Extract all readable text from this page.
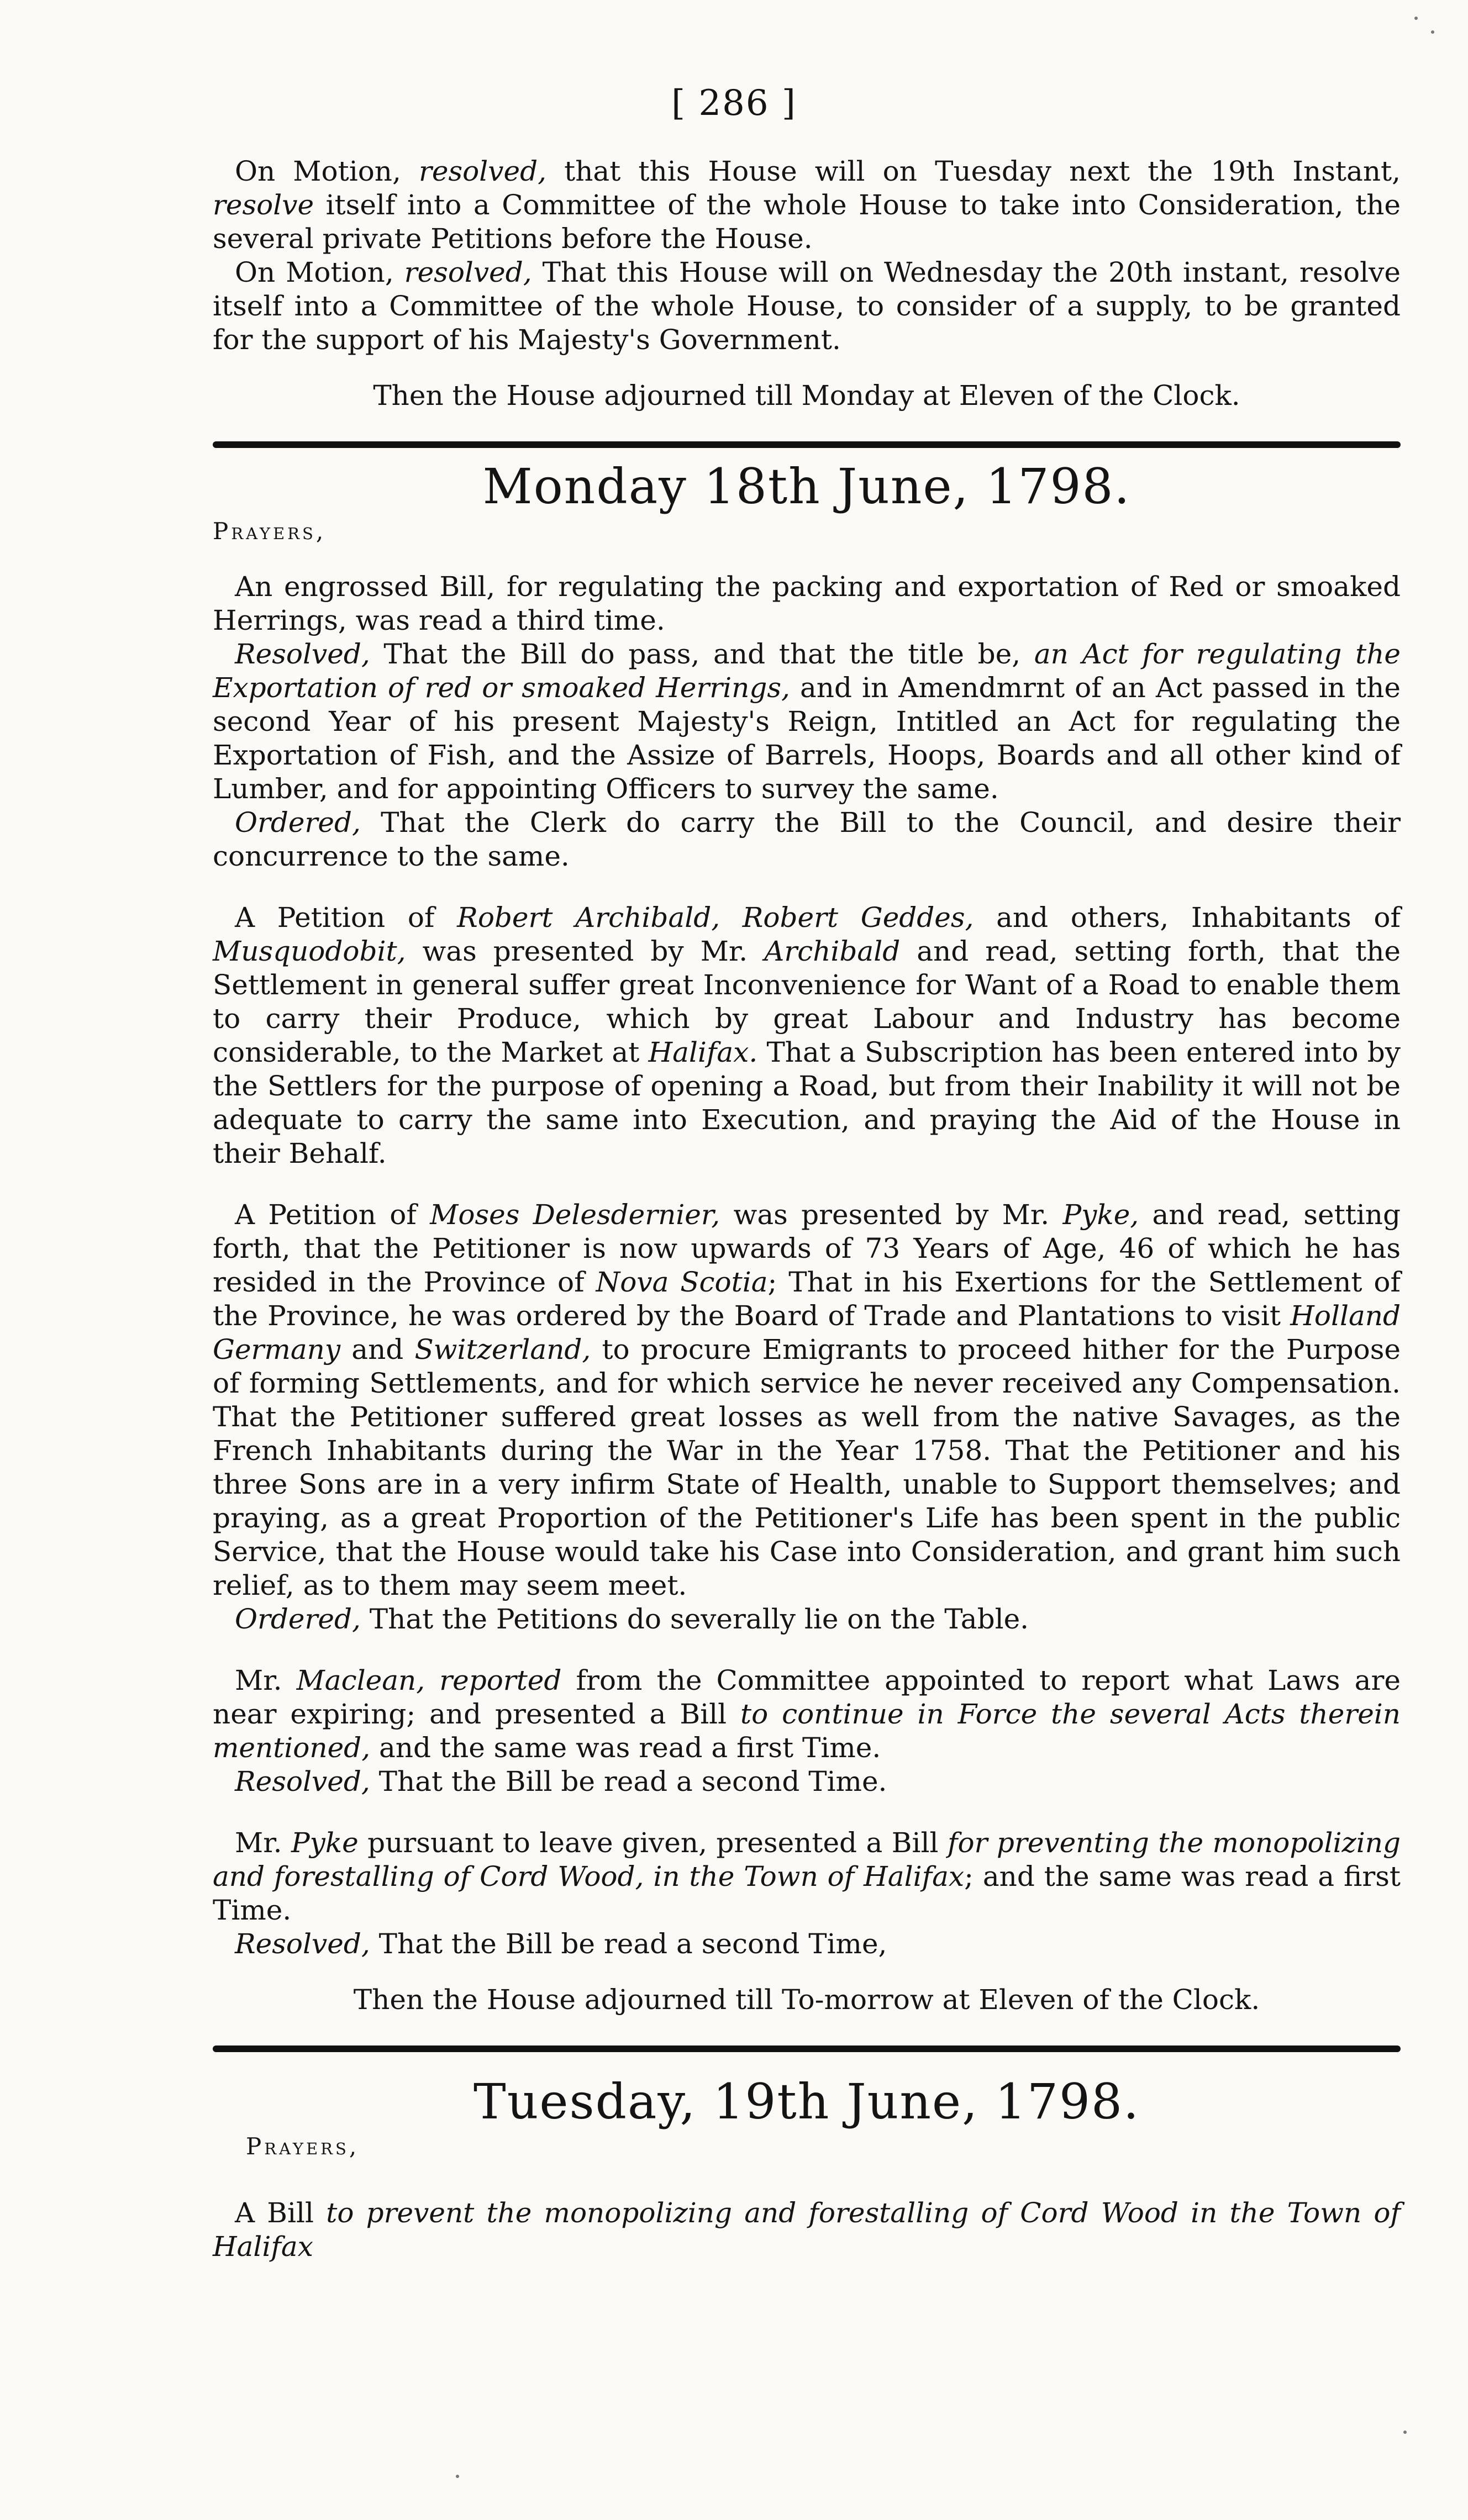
[ 286 ]

On Motion, resolved, that this House will on Tuesday next the 19th Instant, resolve itself into a Committee of the whole House to take into Consideration, the several private Petitions before the House.

On Motion, resolved, That this House will on Wednesday the 20th instant, resolve itself into a Committee of the whole House, to consider of a supply, to be granted for the support of his Majesty's Government.

Then the House adjourned till Monday at Eleven of the Clock.

Monday 18th June, 1798.
Prayers,

An engrossed Bill, for regulating the packing and exportation of Red or smoaked Herrings, was read a third time.

Resolved, That the Bill do pass, and that the title be, an Act for regulating the Exportation of red or smoaked Herrings, and in Amendmrnt of an Act passed in the second Year of his present Majesty's Reign, Intitled an Act for regulating the Exportation of Fish, and the Assize of Barrels, Hoops, Boards and all other kind of Lumber, and for appointing Officers to survey the same.

Ordered, That the Clerk do carry the Bill to the Council, and desire their concurrence to the same.

A Petition of Robert Archibald, Robert Geddes, and others, Inhabitants of Musquodobit, was presented by Mr. Archibald and read, setting forth, that the Settlement in general suffer great Inconvenience for Want of a Road to enable them to carry their Produce, which by great Labour and Industry has become considerable, to the Market at Halifax. That a Subscription has been entered into by the Settlers for the purpose of opening a Road, but from their Inability it will not be adequate to carry the same into Execution, and praying the Aid of the House in their Behalf.

A Petition of Moses Delesdernier, was presented by Mr. Pyke, and read, setting forth, that the Petitioner is now upwards of 73 Years of Age, 46 of which he has resided in the Province of Nova Scotia; That in his Exertions for the Settlement of the Province, he was ordered by the Board of Trade and Plantations to visit Holland Germany and Switzerland, to procure Emigrants to proceed hither for the Purpose of forming Settlements, and for which service he never received any Compensation. That the Petitioner suffered great losses as well from the native Savages, as the French Inhabitants during the War in the Year 1758. That the Petitioner and his three Sons are in a very infirm State of Health, unable to Support themselves; and praying, as a great Proportion of the Petitioner's Life has been spent in the public Service, that the House would take his Case into Consideration, and grant him such relief, as to them may seem meet.

Ordered, That the Petitions do severally lie on the Table.

Mr. Maclean, reported from the Committee appointed to report what Laws are near expiring; and presented a Bill to continue in Force the several Acts therein mentioned, and the same was read a first Time.

Resolved, That the Bill be read a second Time.

Mr. Pyke pursuant to leave given, presented a Bill for preventing the monopolizing and forestalling of Cord Wood, in the Town of Halifax; and the same was read a first Time.

Resolved, That the Bill be read a second Time,

Then the House adjourned till To-morrow at Eleven of the Clock.

Tuesday, 19th June, 1798.
Prayers,

A Bill to prevent the monopolizing and forestalling of Cord Wood in the Town of Halifax
